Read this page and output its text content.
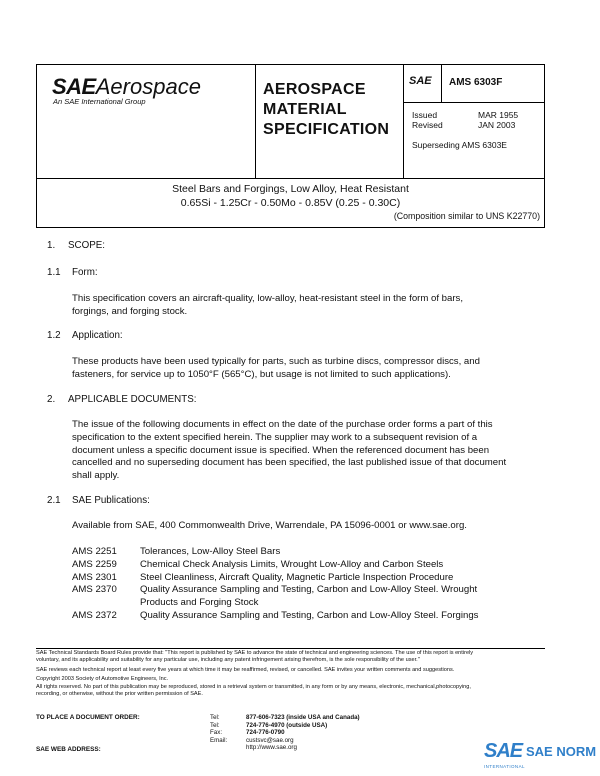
SAEAerospace
An SAE International Group
AEROSPACE
MATERIAL
SPECIFICATION
SAE AMS 6303F
Issued	MAR 1955
Revised	JAN 2003
Superseding AMS 6303E
Steel Bars and Forgings, Low Alloy, Heat Resistant
0.65Si - 1.25Cr - 0.50Mo - 0.85V (0.25 - 0.30C)
(Composition similar to UNS K22770)
1. SCOPE:
1.1 Form:
This specification covers an aircraft-quality, low-alloy, heat-resistant steel in the form of bars,
forgings, and forging stock.
1.2 Application:
These products have been used typically for parts, such as turbine discs, compressor discs, and
fasteners, for service up to 1050°F (565°C), but usage is not limited to such applications).
2. APPLICABLE DOCUMENTS:
The issue of the following documents in effect on the date of the purchase order forms a part of this
specification to the extent specified herein. The supplier may work to a subsequent revision of a
document unless a specific document issue is specified. When the referenced document has been
cancelled and no superseding document has been specified, the last published issue of that document
shall apply.
2.1 SAE Publications:
Available from SAE, 400 Commonwealth Drive, Warrendale, PA 15096-0001 or www.sae.org.
AMS 2251	Tolerances, Low-Alloy Steel Bars
AMS 2259	Chemical Check Analysis Limits, Wrought Low-Alloy and Carbon Steels
AMS 2301	Steel Cleanliness, Aircraft Quality, Magnetic Particle Inspection Procedure
AMS 2370	Quality Assurance Sampling and Testing, Carbon and Low-Alloy Steel. Wrought
Products and Forging Stock
AMS 2372	Quality Assurance Sampling and Testing, Carbon and Low-Alloy Steel. Forgings
SAE Technical Standards Board Rules provide that: "This report is published by SAE to advance the state of technical and engineering sciences. The use of this report is entirely
voluntary, and its applicability and suitability for any particular use, including any patent infringement arising therefrom, is the sole responsibility of the user."
SAE reviews each technical report at least every five years at which time it may be reaffirmed, revised, or cancelled. SAE invites your written comments and suggestions.
Copyright 2003 Society of Automotive Engineers, Inc.
All rights reserved. No part of this publication may be reproduced, stored in a retrieval system or transmitted, in any form or by any means, electronic, mechanical,photocopying,
recording, or otherwise, without the prior written permission of SAE.
TO PLACE A DOCUMENT ORDER:
SAE WEB ADDRESS:
Tel:	877-606-7323 (inside USA and Canada)
Tel:	724-776-4970 (outside USA)
Fax:	724-776-0790
Email:	custsvc@sae.org
http://www.sae.org	SAE SAE NORM
INTERNATIONAL
